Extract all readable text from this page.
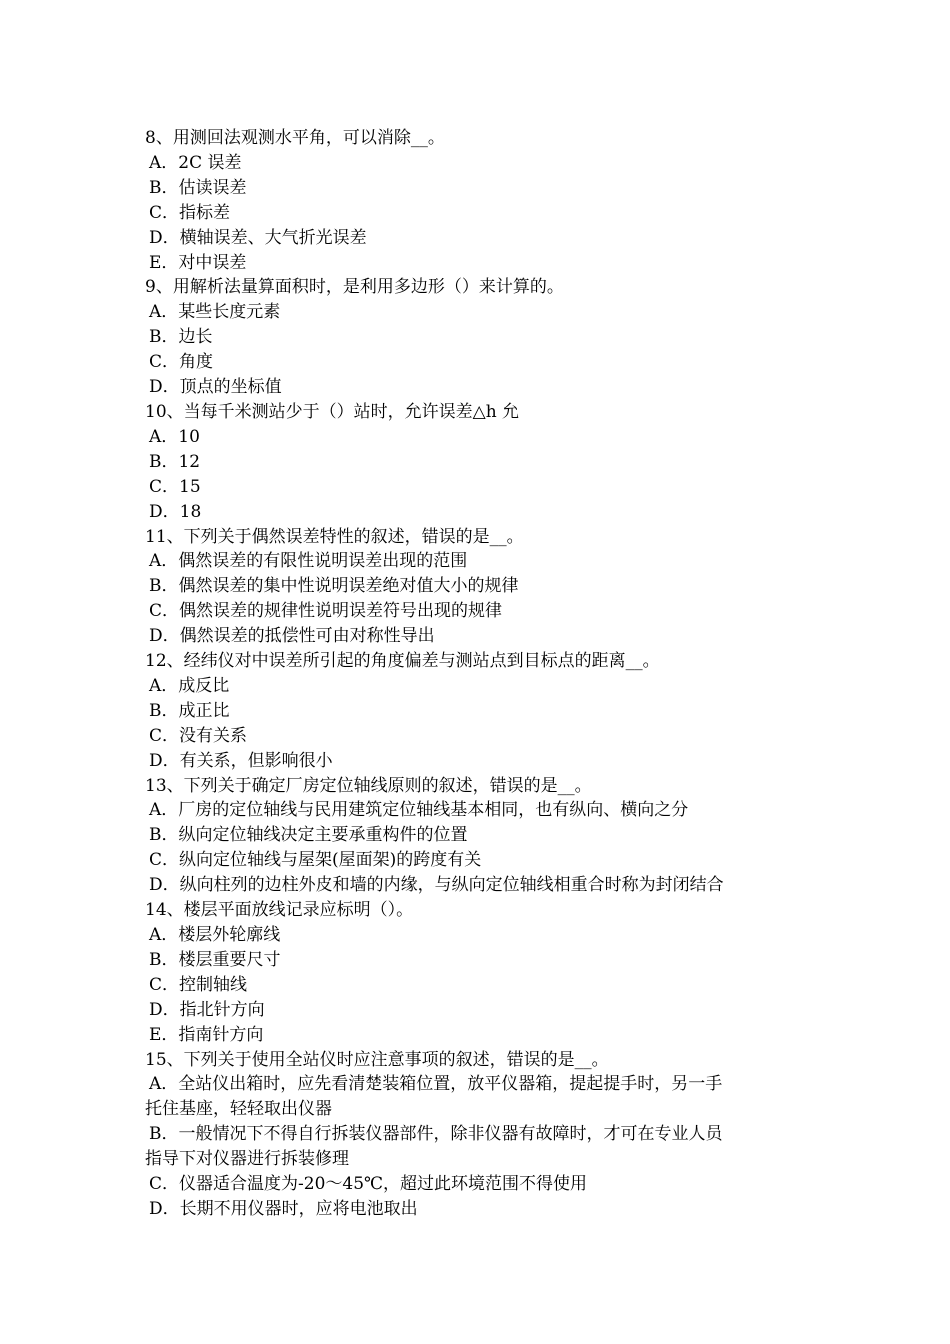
8、用测回法观测水平角，可以消除__。
A．2C 误差
B．估读误差
C．指标差
D．横轴误差、大气折光误差
E．对中误差
9、用解析法量算面积时，是利用多边形（）来计算的。
A．某些长度元素
B．边长
C．角度
D．顶点的坐标值
10、当每千米测站少于（）站时，允许误差△h 允
A．10
B．12
C．15
D．18
11、下列关于偶然误差特性的叙述，错误的是__。
A．偶然误差的有限性说明误差出现的范围
B．偶然误差的集中性说明误差绝对值大小的规律
C．偶然误差的规律性说明误差符号出现的规律
D．偶然误差的抵偿性可由对称性导出
12、经纬仪对中误差所引起的角度偏差与测站点到目标点的距离__。
A．成反比
B．成正比
C．没有关系
D．有关系，但影响很小
13、下列关于确定厂房定位轴线原则的叙述，错误的是__。
A．厂房的定位轴线与民用建筑定位轴线基本相同，也有纵向、横向之分
B．纵向定位轴线决定主要承重构件的位置
C．纵向定位轴线与屋架(屋面架)的跨度有关
D．纵向柱列的边柱外皮和墙的内缘，与纵向定位轴线相重合时称为封闭结合
14、楼层平面放线记录应标明（）。
A．楼层外轮廓线
B．楼层重要尺寸
C．控制轴线
D．指北针方向
E．指南针方向
15、下列关于使用全站仪时应注意事项的叙述，错误的是__。
A．全站仪出箱时，应先看清楚装箱位置，放平仪器箱，提起提手时，另一手
托住基座，轻轻取出仪器
B．一般情况下不得自行拆装仪器部件，除非仪器有故障时，才可在专业人员
指导下对仪器进行拆装修理
C．仪器适合温度为-20～45℃，超过此环境范围不得使用
D．长期不用仪器时，应将电池取出
